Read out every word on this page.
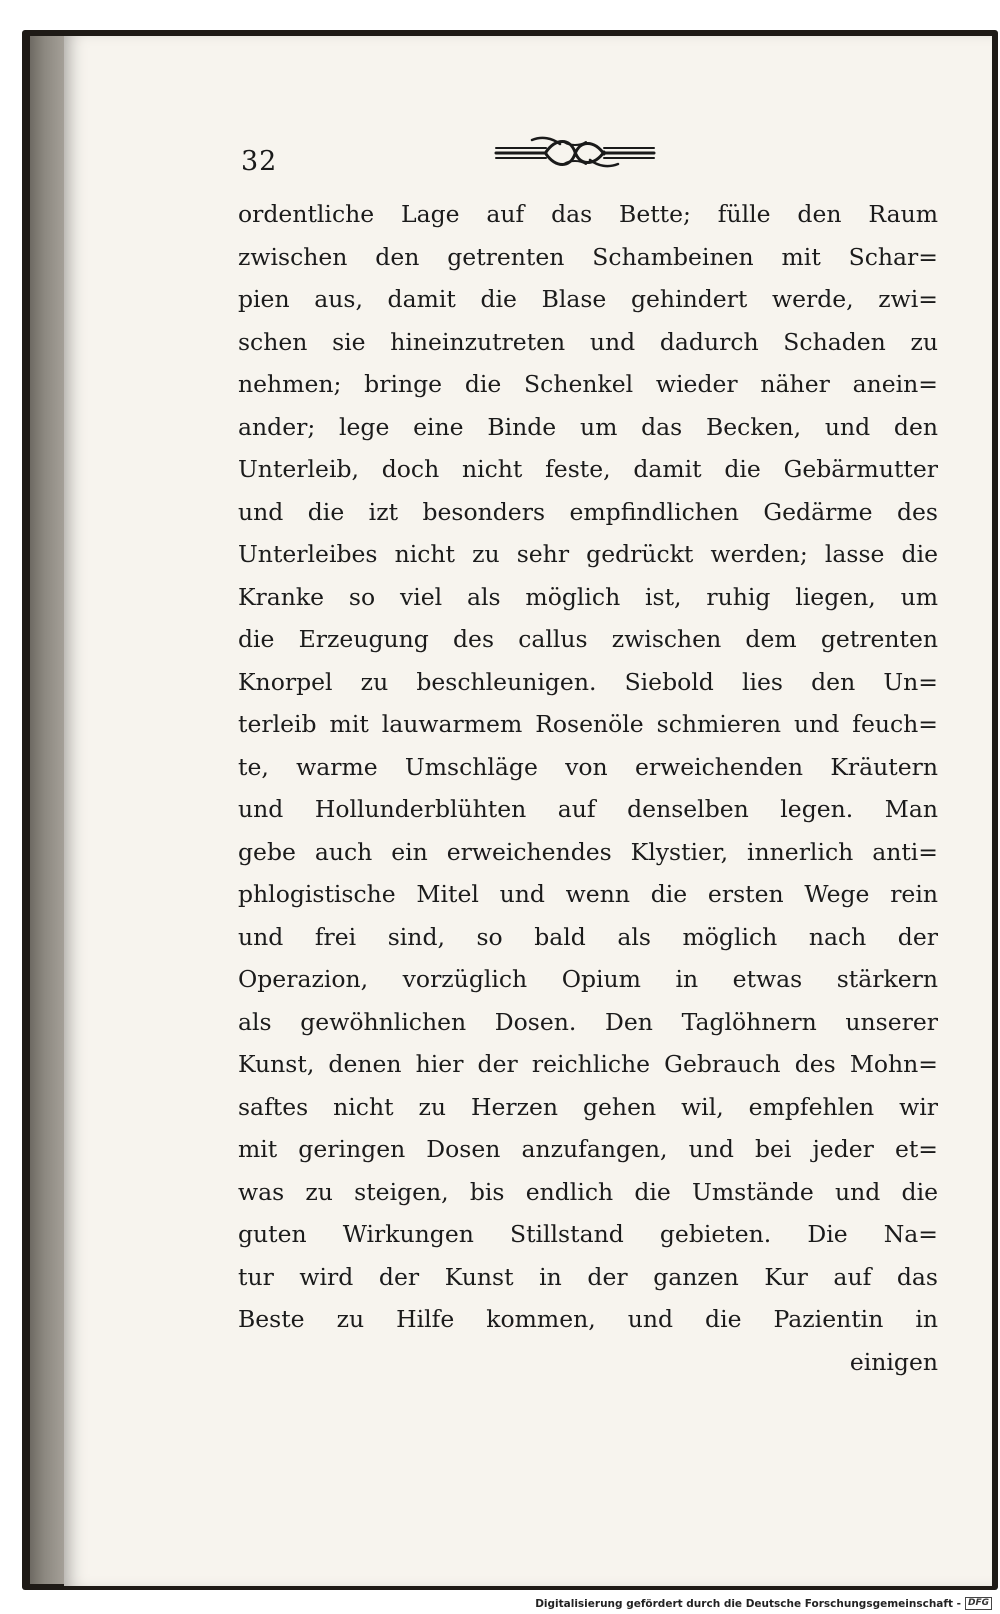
32
ordentliche Lage auf das Bette; fülle den Raum
zwischen den getrenten Schambeinen mit Schar=
pien aus, damit die Blase gehindert werde, zwi=
schen sie hineinzutreten und dadurch Schaden zu
nehmen; bringe die Schenkel wieder näher anein=
ander; lege eine Binde um das Becken, und den
Unterleib, doch nicht feste, damit die Gebärmutter
und die izt besonders empfindlichen Gedärme des
Unterleibes nicht zu sehr gedrückt werden; lasse die
Kranke so viel als möglich ist, ruhig liegen, um
die Erzeugung des callus zwischen dem getrenten
Knorpel zu beschleunigen. Siebold lies den Un=
terleib mit lauwarmem Rosenöle schmieren und feuch=
te, warme Umschläge von erweichenden Kräutern
und Hollunderblühten auf denselben legen. Man
gebe auch ein erweichendes Klystier, innerlich anti=
phlogistische Mitel und wenn die ersten Wege rein
und frei sind, so bald als möglich nach der
Operazion, vorzüglich Opium in etwas stärkern
als gewöhnlichen Dosen. Den Taglöhnern unserer
Kunst, denen hier der reichliche Gebrauch des Mohn=
saftes nicht zu Herzen gehen wil, empfehlen wir
mit geringen Dosen anzufangen, und bei jeder et=
was zu steigen, bis endlich die Umstände und die
guten Wirkungen Stillstand gebieten. Die Na=
tur wird der Kunst in der ganzen Kur auf das
Beste zu Hilfe kommen, und die Pazientin in
einigen
Digitalisierung gefördert durch die Deutsche Forschungsgemeinschaft - DFG
